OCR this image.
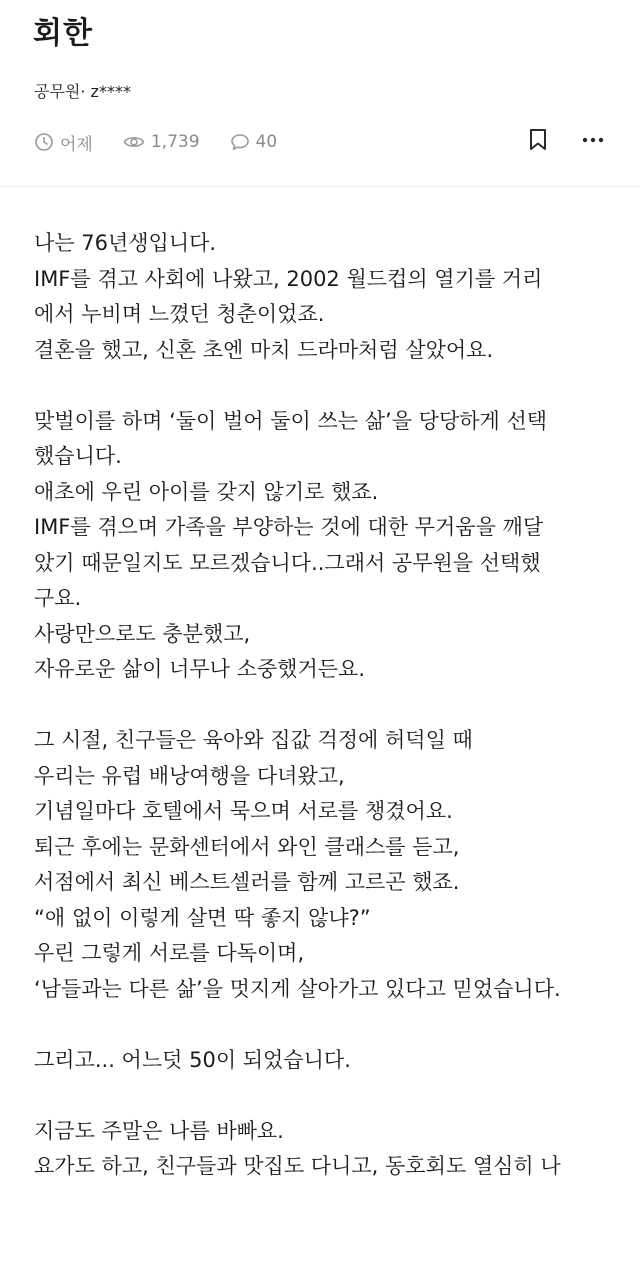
회한
공무원· z****
어제	1,739	40

나는 76년생입니다.

IMF를 겪고 사회에 나왔고, 2002 월드컵의 열기를 거리

에서 누비며 느꼈던 청춘이었죠.

결혼을 했고, 신혼 초엔 마치 드라마처럼 살았어요.

맞벌이를 하며 ‘둘이 벌어 둘이 쓰는 삶’을 당당하게 선택

했습니다.

애초에 우린 아이를 갖지 않기로 했죠.

IMF를 겪으며 가족을 부양하는 것에 대한 무거움을 깨달

았기 때문일지도 모르겠습니다..그래서 공무원을 선택했

구요.

사랑만으로도 충분했고,

자유로운 삶이 너무나 소중했거든요.

그 시절, 친구들은 육아와 집값 걱정에 허덕일 때

우리는 유럽 배낭여행을 다녀왔고,

기념일마다 호텔에서 묵으며 서로를 챙겼어요.

퇴근 후에는 문화센터에서 와인 클래스를 듣고,

서점에서 최신 베스트셀러를 함께 고르곤 했죠.

“애 없이 이렇게 살면 딱 좋지 않냐?”

우린 그렇게 서로를 다독이며,

‘남들과는 다른 삶’을 멋지게 살아가고 있다고 믿었습니다.

그리고... 어느덧 50이 되었습니다.

지금도 주말은 나름 바빠요.

요가도 하고, 친구들과 맛집도 다니고, 동호회도 열심히 나
